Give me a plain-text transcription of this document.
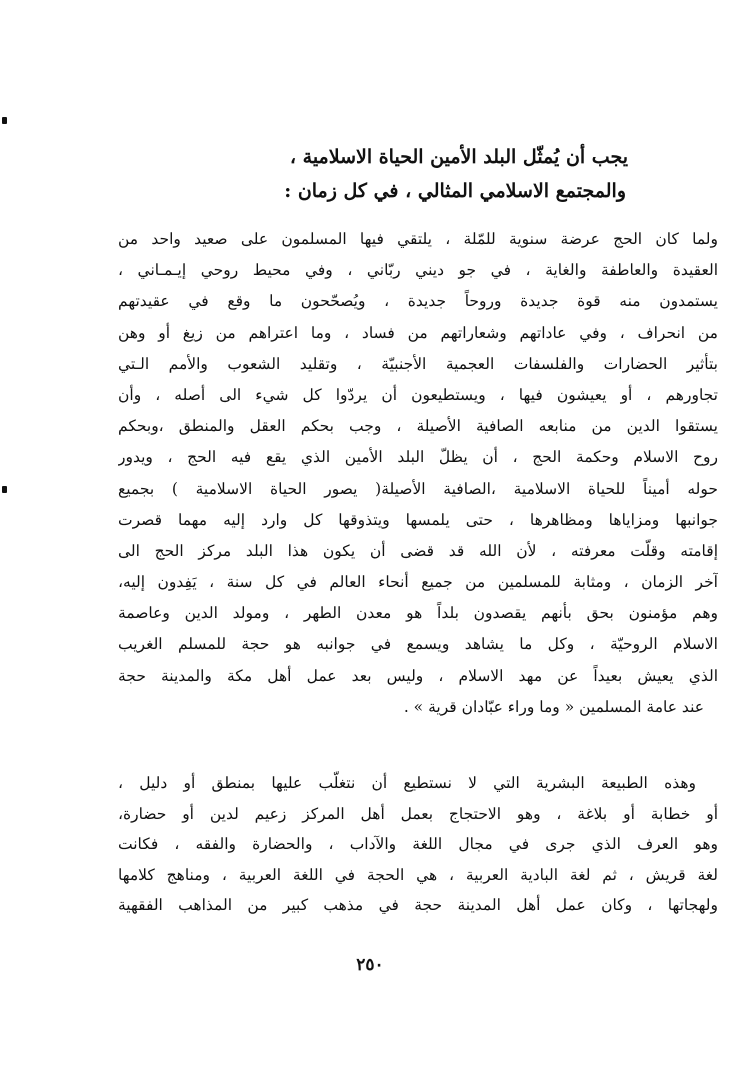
يجب أن يُمثّل البلد الأمين الحياة الاسلامية ،
والمجتمع الاسلامي المثالي ، في كل زمان :
ولما كان الحج عرضة سنوية للمّلة ، يلتقي فيها المسلمون على صعيد واحد من
العقيدة والعاطفة والغاية ، في جو ديني ربّاني ، وفي محيط روحي إيـمـاني ،
يستمدون منه قوة جديدة وروحاً جديدة ، ويُصحّحون ما وقع في عقيدتهم
من انحراف ، وفي عاداتهم وشعاراتهم من فساد ، وما اعتراهم من زيغ أو وهن
بتأثير الحضارات والفلسفات العجمية الأجنبيّة ، وتقليد الشعوب والأمم الـتي
تجاورهم ، أو يعيشون فيها ، ويستطيعون أن يردّوا كل شيء الى أصله ، وأن
يستقوا الدين من منابعه الصافية الأصيلة ، وجب بحكم العقل والمنطق ،وبحكم
روح الاسلام وحكمة الحج ، أن يظلّ البلد الأمين الذي يقع فيه الحج ، ويدور
حوله أميناً للحياة الاسلامية ،الصافية الأصيلة( يصور الحياة الاسلامية ) بجميع
جوانبها ومزاياها ومظاهرها ، حتى يلمسها ويتذوقها كل وارد إليه مهما قصرت
إقامته وقلّت معرفته ، لأن الله قد قضى أن يكون هذا البلد مركز الحج الى
آخر الزمان ، ومثابة للمسلمين من جميع أنحاء العالم في كل سنة ، يَفِدون إليه،
وهم مؤمنون بحق بأنهم يقصدون بلداً هو معدن الطهر ، ومولد الدين وعاصمة
الاسلام الروحيّة ، وكل ما يشاهد ويسمع في جوانبه هو حجة للمسلم الغريب
الذي يعيش بعيداً عن مهد الاسلام ، وليس بعد عمل أهل مكة والمدينة حجة
عند عامة المسلمين « وما وراء عبّادان قرية » .
وهذه الطبيعة البشرية التي لا نستطيع أن نتغلّب عليها بمنطق أو دليل ،
أو خطابة أو بلاغة ، وهو الاحتجاج بعمل أهل المركز زعيم لدين أو حضارة،
وهو العرف الذي جرى في مجال اللغة والآداب ، والحضارة والفقه ، فكانت
لغة قريش ، ثم لغة البادية العربية ، هي الحجة في اللغة العربية ، ومناهج كلامها
ولهجاتها ، وكان عمل أهل المدينة حجة في مذهب كبير من المذاهب الفقهية
٢٥٠
